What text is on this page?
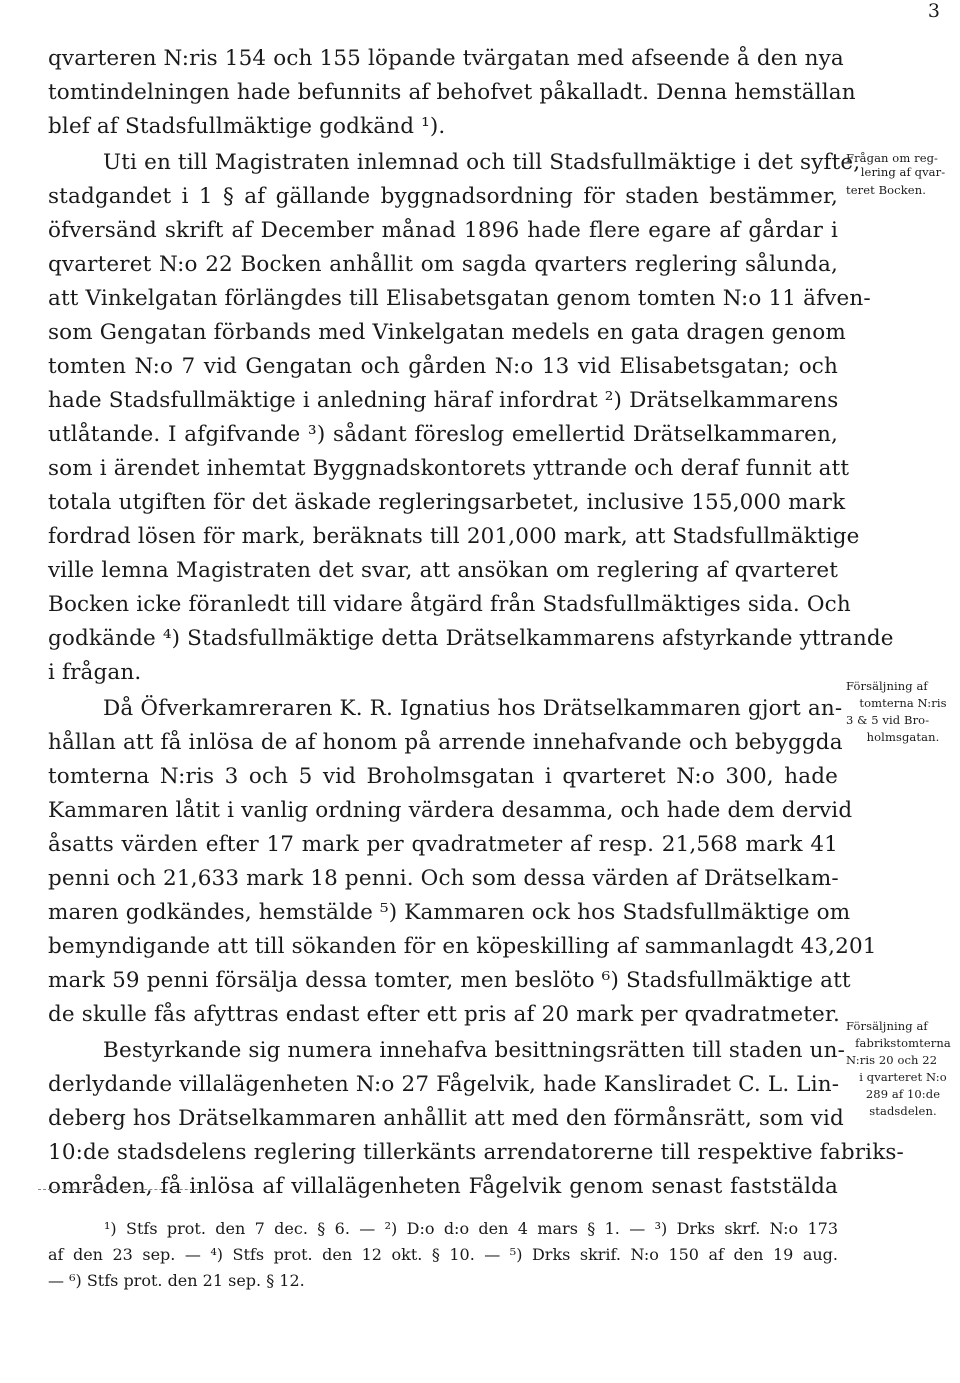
3
qvarteren N:ris 154 och 155 löpande tvärgatan med afseende å den nya
tomtindelningen hade befunnits af behofvet påkalladt. Denna hemställan
blef af Stadsfullmäktige godkänd ¹).
Uti en till Magistraten inlemnad och till Stadsfullmäktige i det syfte,
stadgandet i 1 § af gällande byggnadsordning för staden bestämmer,
öfversänd skrift af December månad 1896 hade flere egare af gårdar i
qvarteret N:o 22 Bocken anhållit om sagda qvarters reglering sålunda,
att Vinkelgatan förlängdes till Elisabetsgatan genom tomten N:o 11 äfven-
som Gengatan förbands med Vinkelgatan medels en gata dragen genom
tomten N:o 7 vid Gengatan och gården N:o 13 vid Elisabetsgatan; och
hade Stadsfullmäktige i anledning häraf infordrat ²) Drätselkammarens
utlåtande. I afgifvande ³) sådant föreslog emellertid Drätselkammaren,
som i ärendet inhemtat Byggnadskontorets yttrande och deraf funnit att
totala utgiften för det äskade regleringsarbetet, inclusive 155,000 mark
fordrad lösen för mark, beräknats till 201,000 mark, att Stadsfullmäktige
ville lemna Magistraten det svar, att ansökan om reglering af qvarteret
Bocken icke föranledt till vidare åtgärd från Stadsfullmäktiges sida. Och
godkände ⁴) Stadsfullmäktige detta Drätselkammarens afstyrkande yttrande
i frågan.
Då Öfverkamreraren K. R. Ignatius hos Drätselkammaren gjort an-
hållan att få inlösa de af honom på arrende innehafvande och bebyggda
tomterna N:ris 3 och 5 vid Broholmsgatan i qvarteret N:o 300, hade
Kammaren låtit i vanlig ordning värdera desamma, och hade dem dervid
åsatts värden efter 17 mark per qvadratmeter af resp. 21,568 mark 41
penni och 21,633 mark 18 penni. Och som dessa värden af Drätselkam-
maren godkändes, hemstälde ⁵) Kammaren ock hos Stadsfullmäktige om
bemyndigande att till sökanden för en köpeskilling af sammanlagdt 43,201
mark 59 penni försälja dessa tomter, men beslöto ⁶) Stadsfullmäktige att
de skulle fås afyttras endast efter ett pris af 20 mark per qvadratmeter.
Bestyrkande sig numera innehafva besittningsrätten till staden un-
derlydande villalägenheten N:o 27 Fågelvik, hade Kansliradet C. L. Lin-
deberg hos Drätselkammaren anhållit att med den förmånsrätt, som vid
10:de stadsdelens reglering tillerkänts arrendatorerne till respektive fabriks-
områden, få inlösa af villalägenheten Fågelvik genom senast faststälda
Frågan om reg-
lering af qvar-
teret Bocken.
Försäljning af
tomterna N:ris
3 & 5 vid Bro-
holmsgatan.
Försäljning af
fabrikstomterna
N:ris 20 och 22
i qvarteret N:o
289 af 10:de
stadsdelen.
¹) Stfs prot. den 7 dec. § 6. — ²) D:o d:o den 4 mars § 1. — ³) Drks skrf. N:o 173
af den 23 sep. — ⁴) Stfs prot. den 12 okt. § 10. — ⁵) Drks skrif. N:o 150 af den 19 aug.
— ⁶) Stfs prot. den 21 sep. § 12.
